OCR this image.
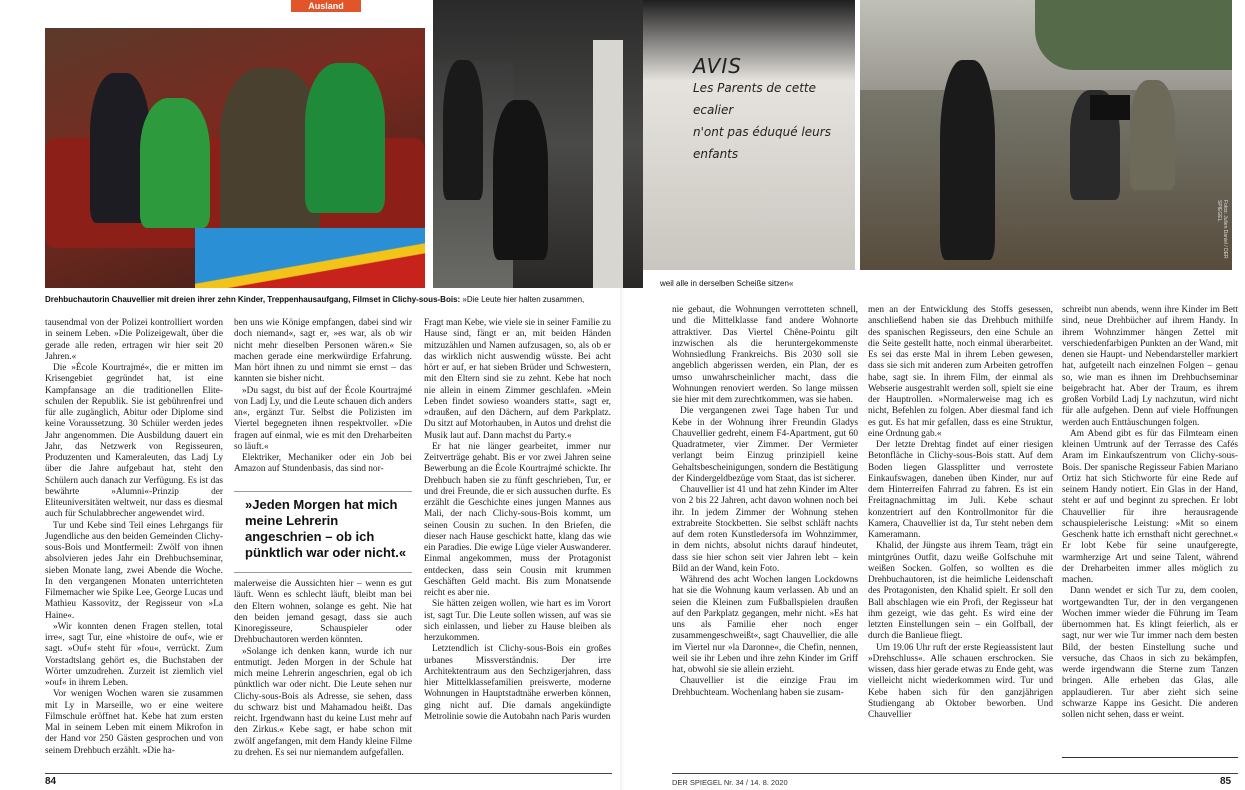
Ausland
AVIS
Les Parents de cette ecalier
n'ont pas éduqué leurs enfants
Fotos: Julien Daniel / DER SPIEGEL
Drehbuchautorin Chauvellier mit dreien ihrer zehn Kinder, Treppenhausaufgang, Filmset in Clichy-sous-Bois: »Die Leute hier halten zusammen,
weil alle in derselben Scheiße sitzen«

tausendmal von der Polizei kontrolliert worden in seinem Leben. »Die Polizeigewalt, über die gerade alle reden, ertragen wir hier seit 20 Jahren.«

Die »École Kourtrajmé«, die er mitten im Krisengebiet gegründet hat, ist eine Kampfansage an die traditionellen Elite-schulen der Republik. Sie ist gebührenfrei und für alle zugänglich, Abitur oder Diplome sind keine Voraussetzung. 30 Schüler werden jedes Jahr angenommen. Die Ausbildung dauert ein Jahr, das Netzwerk von Regisseuren, Produzenten und Kameraleuten, das Ladj Ly über die Jahre aufgebaut hat, steht den Schülern auch danach zur Verfügung. Es ist das bewährte »Alumni«-Prinzip der Eliteuniversitäten weltweit, nur dass es diesmal auch für Schulabbrecher angewendet wird.

Tur und Kebe sind Teil eines Lehrgangs für Jugendliche aus den beiden Gemeinden Clichy-sous-Bois und Montfermeil: Zwölf von ihnen absolvieren jedes Jahr ein Drehbuchseminar, sieben Monate lang, zwei Abende die Woche. In den vergangenen Monaten unterrichteten Filmemacher wie Spike Lee, George Lucas und Mathieu Kassovitz, der Regisseur von »La Haine«.

»Wir konnten denen Fragen stellen, total irre«, sagt Tur, eine »histoire de ouf«, wie er sagt. »Ouf« steht für »fou«, verrückt. Zum Vorstadtslang gehört es, die Buchstaben der Wörter umzudrehen. Zurzeit ist ziemlich viel »ouf« in ihrem Leben.

Vor wenigen Wochen waren sie zusammen mit Ly in Marseille, wo er eine weitere Filmschule eröffnet hat. Kebe hat zum ersten Mal in seinem Leben mit einem Mikrofon in der Hand vor 250 Gästen gesprochen und von seinem Drehbuch erzählt. »Die ha-

ben uns wie Könige empfangen, dabei sind wir doch niemand«, sagt er, »es war, als ob wir nicht mehr dieselben Personen wären.« Sie machen gerade eine merkwürdige Erfahrung. Man hört ihnen zu und nimmt sie ernst – das kannten sie bisher nicht.

»Du sagst, du bist auf der École Kourtrajmé von Ladj Ly, und die Leute schauen dich anders an«, ergänzt Tur. Selbst die Polizisten im Viertel begegneten ihnen respektvoller. »Die fragen auf einmal, wie es mit den Dreharbeiten so läuft.«

Elektriker, Mechaniker oder ein Job bei Amazon auf Stundenbasis, das sind nor-

»Jeden Morgen hat mich meine Lehrerin angeschrien – ob ich pünktlich war oder nicht.«

malerweise die Aussichten hier – wenn es gut läuft. Wenn es schlecht läuft, bleibt man bei den Eltern wohnen, solange es geht. Nie hat den beiden jemand gesagt, dass sie auch Kinoregisseure, Schauspieler oder Drehbuchautoren werden könnten.

»Solange ich denken kann, wurde ich nur entmutigt. Jeden Morgen in der Schule hat mich meine Lehrerin angeschrien, egal ob ich pünktlich war oder nicht. Die Leute sehen nur Clichy-sous-Bois als Adresse, sie sehen, dass du schwarz bist und Mahamadou heißt. Das reicht. Irgendwann hast du keine Lust mehr auf den Zirkus.« Kebe sagt, er habe schon mit zwölf angefangen, mit dem Handy kleine Filme zu drehen. Es sei nur niemandem aufgefallen.

Fragt man Kebe, wie viele sie in seiner Familie zu Hause sind, fängt er an, mit beiden Händen mitzuzählen und Namen aufzusagen, so, als ob er das wirklich nicht auswendig wüsste. Bei acht hört er auf, er hat sieben Brüder und Schwestern, mit den Eltern sind sie zu zehnt. Kebe hat noch nie allein in einem Zimmer geschlafen. »Mein Leben findet sowieso woanders statt«, sagt er, »draußen, auf den Dächern, auf dem Parkplatz. Du sitzt auf Motorhauben, in Autos und drehst die Musik laut auf. Dann machst du Party.«

Er hat nie länger gearbeitet, immer nur Zeitverträge gehabt. Bis er vor zwei Jahren seine Bewerbung an die École Kourtrajmé schickte. Ihr Drehbuch haben sie zu fünft geschrieben, Tur, er und drei Freunde, die er sich aussuchen durfte. Es erzählt die Geschichte eines jungen Mannes aus Mali, der nach Clichy-sous-Bois kommt, um seinen Cousin zu suchen. In den Briefen, die dieser nach Hause geschickt hatte, klang das wie ein Paradies. Die ewige Lüge vieler Auswanderer. Einmal angekommen, muss der Protagonist entdecken, dass sein Cousin mit krummen Geschäften Geld macht. Bis zum Monatsende reicht es aber nie.

Sie hätten zeigen wollen, wie hart es im Vorort ist, sagt Tur. Die Leute sollen wissen, auf was sie sich einlassen, und lieber zu Hause bleiben als herzukommen.

Letztendlich ist Clichy-sous-Bois ein großes urbanes Missverständnis. Der irre Architektentraum aus den Sechzigerjahren, dass hier Mittelklassefamilien preiswerte, moderne Wohnungen in Hauptstadtnähe erwerben können, ging nicht auf. Die damals angekündigte Metrolinie sowie die Autobahn nach Paris wurden

nie gebaut, die Wohnungen verrotteten schnell, und die Mittelklasse fand andere Wohnorte attraktiver. Das Viertel Chêne-Pointu gilt inzwischen als die heruntergekommenste Wohnsiedlung Frankreichs. Bis 2030 soll sie angeblich abgerissen werden, ein Plan, der es umso unwahrscheinlicher macht, dass die Wohnungen renoviert werden. So lange müssen sie hier mit dem zurechtkommen, was sie haben.

Die vergangenen zwei Tage haben Tur und Kebe in der Wohnung ihrer Freundin Gladys Chauvellier gedreht, einem F4-Apartment, gut 60 Quadratmeter, vier Zimmer. Der Vermieter verlangt beim Einzug prinzipiell keine Gehaltsbescheinigungen, sondern die Bestätigung der Kindergeldbezüge vom Staat, das ist sicherer.

Chauvellier ist 41 und hat zehn Kinder im Alter von 2 bis 22 Jahren, acht davon wohnen noch bei ihr. In jedem Zimmer der Wohnung stehen extrabreite Stockbetten. Sie selbst schläft nachts auf dem roten Kunstledersofa im Wohnzimmer, in dem nichts, absolut nichts darauf hindeutet, dass sie hier schon seit vier Jahren lebt – kein Bild an der Wand, kein Foto.

Während des acht Wochen langen Lockdowns hat sie die Wohnung kaum verlassen. Ab und an seien die Kleinen zum Fußballspielen draußen auf den Parkplatz gegangen, mehr nicht. »Es hat uns als Familie eher noch enger zusammengeschweißt«, sagt Chauvellier, die alle im Viertel nur »la Daronne«, die Chefin, nennen, weil sie ihr Leben und ihre zehn Kinder im Griff hat, obwohl sie sie allein erzieht.

Chauvellier ist die einzige Frau im Drehbuchteam. Wochenlang haben sie zusam-

men an der Entwicklung des Stoffs gesessen, anschließend haben sie das Drehbuch mithilfe des spanischen Regisseurs, den eine Schule an die Seite gestellt hatte, noch einmal überarbeitet. Es sei das erste Mal in ihrem Leben gewesen, dass sie sich mit anderen zum Arbeiten getroffen habe, sagt sie. In ihrem Film, der einmal als Webserie ausgestrahlt werden soll, spielt sie eine der Hauptrollen. »Normalerweise mag ich es nicht, Befehlen zu folgen. Aber diesmal fand ich es gut. Es hat mir gefallen, dass es eine Struktur, eine Ordnung gab.«

Der letzte Drehtag findet auf einer riesigen Betonfläche in Clichy-sous-Bois statt. Auf dem Boden liegen Glassplitter und verrostete Einkaufswagen, daneben üben Kinder, nur auf dem Hinterreifen Fahrrad zu fahren. Es ist ein Freitagnachmittag im Juli. Kebe schaut konzentriert auf den Kontrollmonitor für die Kamera, Chauvellier ist da, Tur steht neben dem Kameramann.

Khalid, der Jüngste aus ihrem Team, trägt ein mintgrünes Outfit, dazu weiße Golfschuhe mit weißen Socken. Golfen, so wollten es die Drehbuchautoren, ist die heimliche Leidenschaft des Protagonisten, den Khalid spielt. Er soll den Ball abschlagen wie ein Profi, der Regisseur hat ihm gezeigt, wie das geht. Es wird eine der letzten Einstellungen sein – ein Golfball, der durch die Banlieue fliegt.

Um 19.06 Uhr ruft der erste Regieassistent laut »Drehschluss«. Alle schauen erschrocken. Sie wissen, dass hier gerade etwas zu Ende geht, was vielleicht nicht wiederkommen wird. Tur und Kebe haben sich für den ganzjährigen Studiengang ab Oktober beworben. Und Chauvellier

schreibt nun abends, wenn ihre Kinder im Bett sind, neue Drehbücher auf ihrem Handy. In ihrem Wohnzimmer hängen Zettel mit verschiedenfarbigen Punkten an der Wand, mit denen sie Haupt- und Nebendarsteller markiert hat, aufgeteilt nach einzelnen Folgen – genau so, wie man es ihnen im Drehbuchseminar beigebracht hat. Aber der Traum, es ihrem großen Vorbild Ladj Ly nachzutun, wird nicht für alle aufgehen. Denn auf viele Hoffnungen werden auch Enttäuschungen folgen.

Am Abend gibt es für das Filmteam einen kleinen Umtrunk auf der Terrasse des Cafés Aram im Einkaufszentrum von Clichy-sous-Bois. Der spanische Regisseur Fabien Mariano Ortiz hat sich Stichworte für eine Rede auf seinem Handy notiert. Ein Glas in der Hand, steht er auf und beginnt zu sprechen. Er lobt Chauvellier für ihre herausragende schauspielerische Leistung: »Mit so einem Geschenk hatte ich ernsthaft nicht gerechnet.« Er lobt Kebe für seine unaufgeregte, warmherzige Art und seine Talent, während der Dreharbeiten immer alles möglich zu machen.

Dann wendet er sich Tur zu, dem coolen, wortgewandten Tur, der in den vergangenen Wochen immer wieder die Führung im Team übernommen hat. Es klingt feierlich, als er sagt, nur wer wie Tur immer nach dem besten Bild, der besten Einstellung suche und versuche, das Chaos in sich zu bekämpfen, werde irgendwann die Sterne zum Tanzen bringen. Alle erheben das Glas, alle applaudieren. Tur aber zieht sich seine schwarze Kappe ins Gesicht. Die anderen sollen nicht sehen, dass er weint.

84	DER SPIEGEL Nr. 34 / 14. 8. 2020	85
